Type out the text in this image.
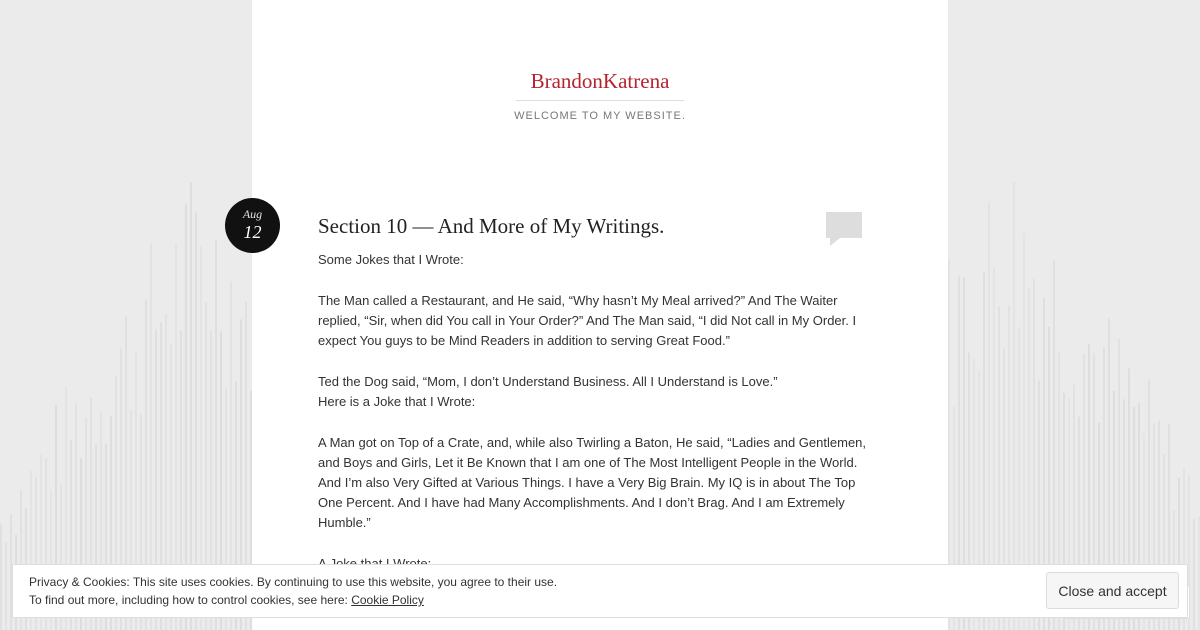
BrandonKatrena
WELCOME TO MY WEBSITE.
Aug
12	Section 10 — And More of My Writings.

Some Jokes that I Wrote:

The Man called a Restaurant, and He said, “Why hasn’t My Meal arrived?” And The Waiter replied, “Sir, when did You call in Your Order?” And The Man said, “I did Not call in My Order. I expect You guys to be Mind Readers in addition to serving Great Food.”

Ted the Dog said, “Mom, I don’t Understand Business. All I Understand is Love.”

Here is a Joke that I Wrote:

A Man got on Top of a Crate, and, while also Twirling a Baton, He said, “Ladies and Gentlemen, and Boys and Girls, Let it Be Known that I am one of The Most Intelligent People in the World. And I’m also Very Gifted at Various Things. I have a Very Big Brain. My IQ is in about The Top One Percent. And I have had Many Accomplishments. And I don’t Brag. And I am Extremely Humble.”

Privacy & Cookies: This site uses cookies. By continuing to use this website, you agree to their use.
To find out more, including how to control cookies, see here: Cookie Policy
Close and accept
